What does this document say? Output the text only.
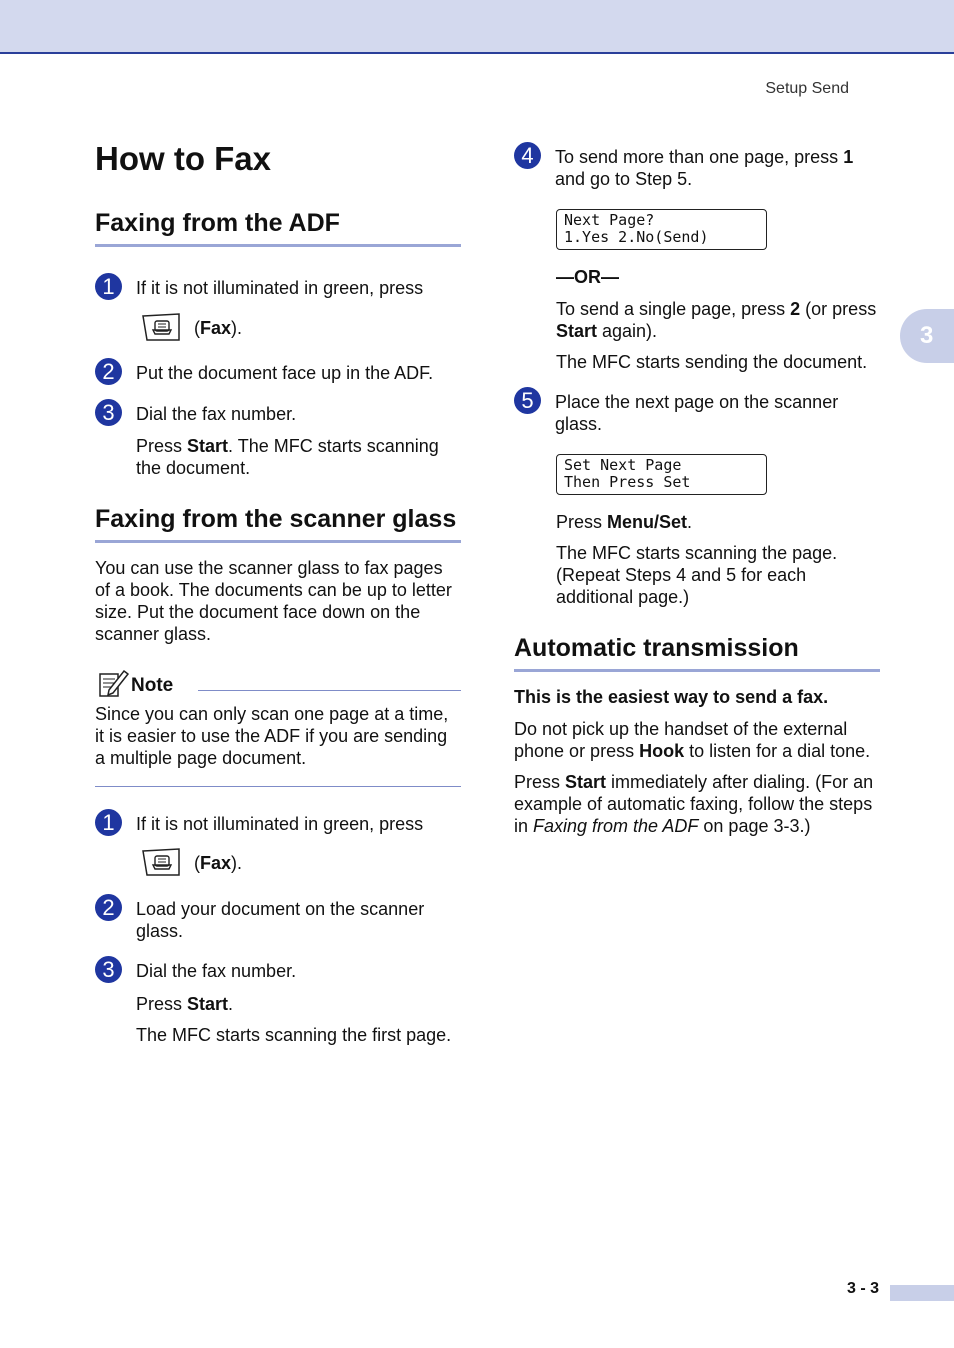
Setup Send
3
How to Fax
Faxing from the ADF
1	If it is not illuminated in green, press
(Fax).
2	Put the document face up in the ADF.
3	Dial the fax number.
Press Start. The MFC starts scanning
the document.
Faxing from the scanner glass
You can use the scanner glass to fax pages
of a book. The documents can be up to letter
size. Put the document face down on the
scanner glass.
Note
Since you can only scan one page at a time,
it is easier to use the ADF if you are sending
a multiple page document.
1	If it is not illuminated in green, press
(Fax).
2	Load your document on the scanner
glass.
3	Dial the fax number.
Press Start.
The MFC starts scanning the first page.
4	To send more than one page, press 1
and go to Step 5.
Next Page?
1.Yes 2.No(Send)
—OR—
To send a single page, press 2 (or press
Start again).
The MFC starts sending the document.
5	Place the next page on the scanner
glass.
Set Next Page
Then Press Set
Press Menu/Set.
The MFC starts scanning the page.
(Repeat Steps 4 and 5 for each
additional page.)
Automatic transmission
This is the easiest way to send a fax.
Do not pick up the handset of the external
phone or press Hook to listen for a dial tone.
Press Start immediately after dialing. (For an
example of automatic faxing, follow the steps
in Faxing from the ADF on page 3-3.)
3 - 3
